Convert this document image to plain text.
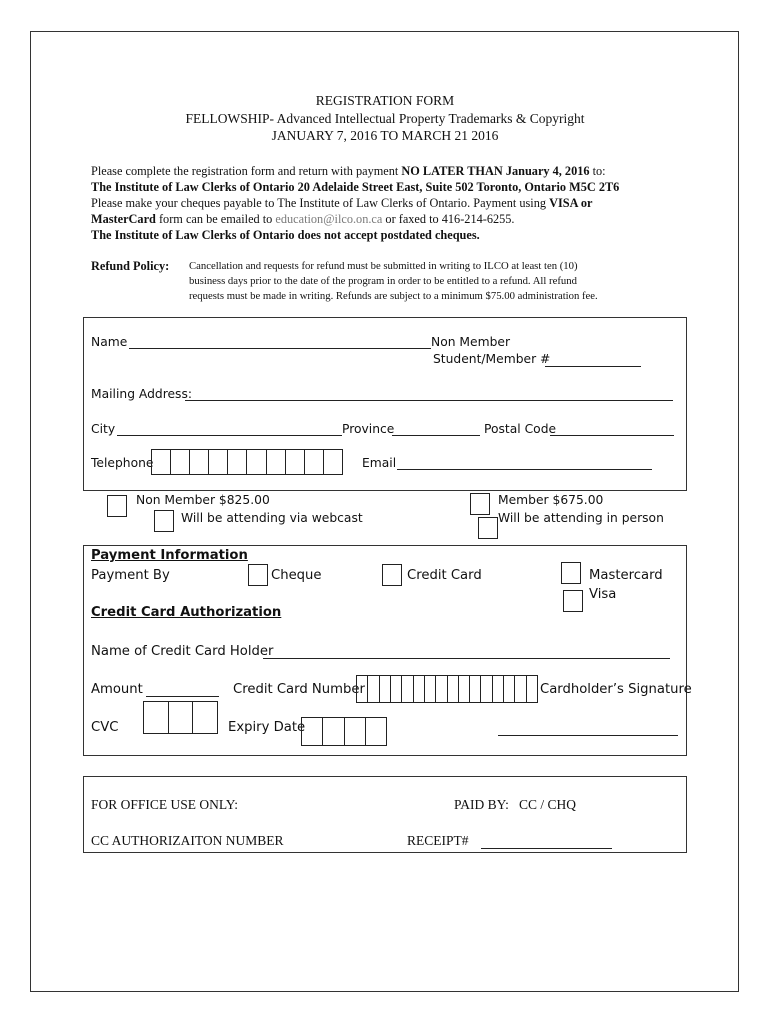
REGISTRATION FORM
FELLOWSHIP- Advanced Intellectual Property Trademarks & Copyright
JANUARY 7, 2016 TO MARCH 21 2016
Please complete the registration form and return with payment NO LATER THAN January 4, 2016 to:
The Institute of Law Clerks of Ontario 20 Adelaide Street East, Suite 502 Toronto, Ontario M5C 2T6
Please make your cheques payable to The Institute of Law Clerks of Ontario. Payment using VISA or
MasterCard form can be emailed to education@ilco.on.ca or faxed to 416-214-6255.
The Institute of Law Clerks of Ontario does not accept postdated cheques.
Refund Policy: Cancellation and requests for refund must be submitted in writing to ILCO at least ten (10)
business days prior to the date of the program in order to be entitled to a refund. All refund
requests must be made in writing. Refunds are subject to a minimum $75.00 administration fee.
Name	Non Member
Student/Member #
Mailing Address:
City	Province	Postal Code
Telephone	Email
Non Member $825.00
Will be attending via webcast
Member $675.00
Will be attending in person
Payment Information
Payment By	Cheque	Credit Card	Mastercard
Visa
Credit Card Authorization
Name of Credit Card Holder
Amount	Credit Card Number	Cardholder’s Signature
CVC	Expiry Date
FOR OFFICE USE ONLY:	PAID BY:   CC / CHQ
CC AUTHORIZAITON NUMBER	RECEIPT#
